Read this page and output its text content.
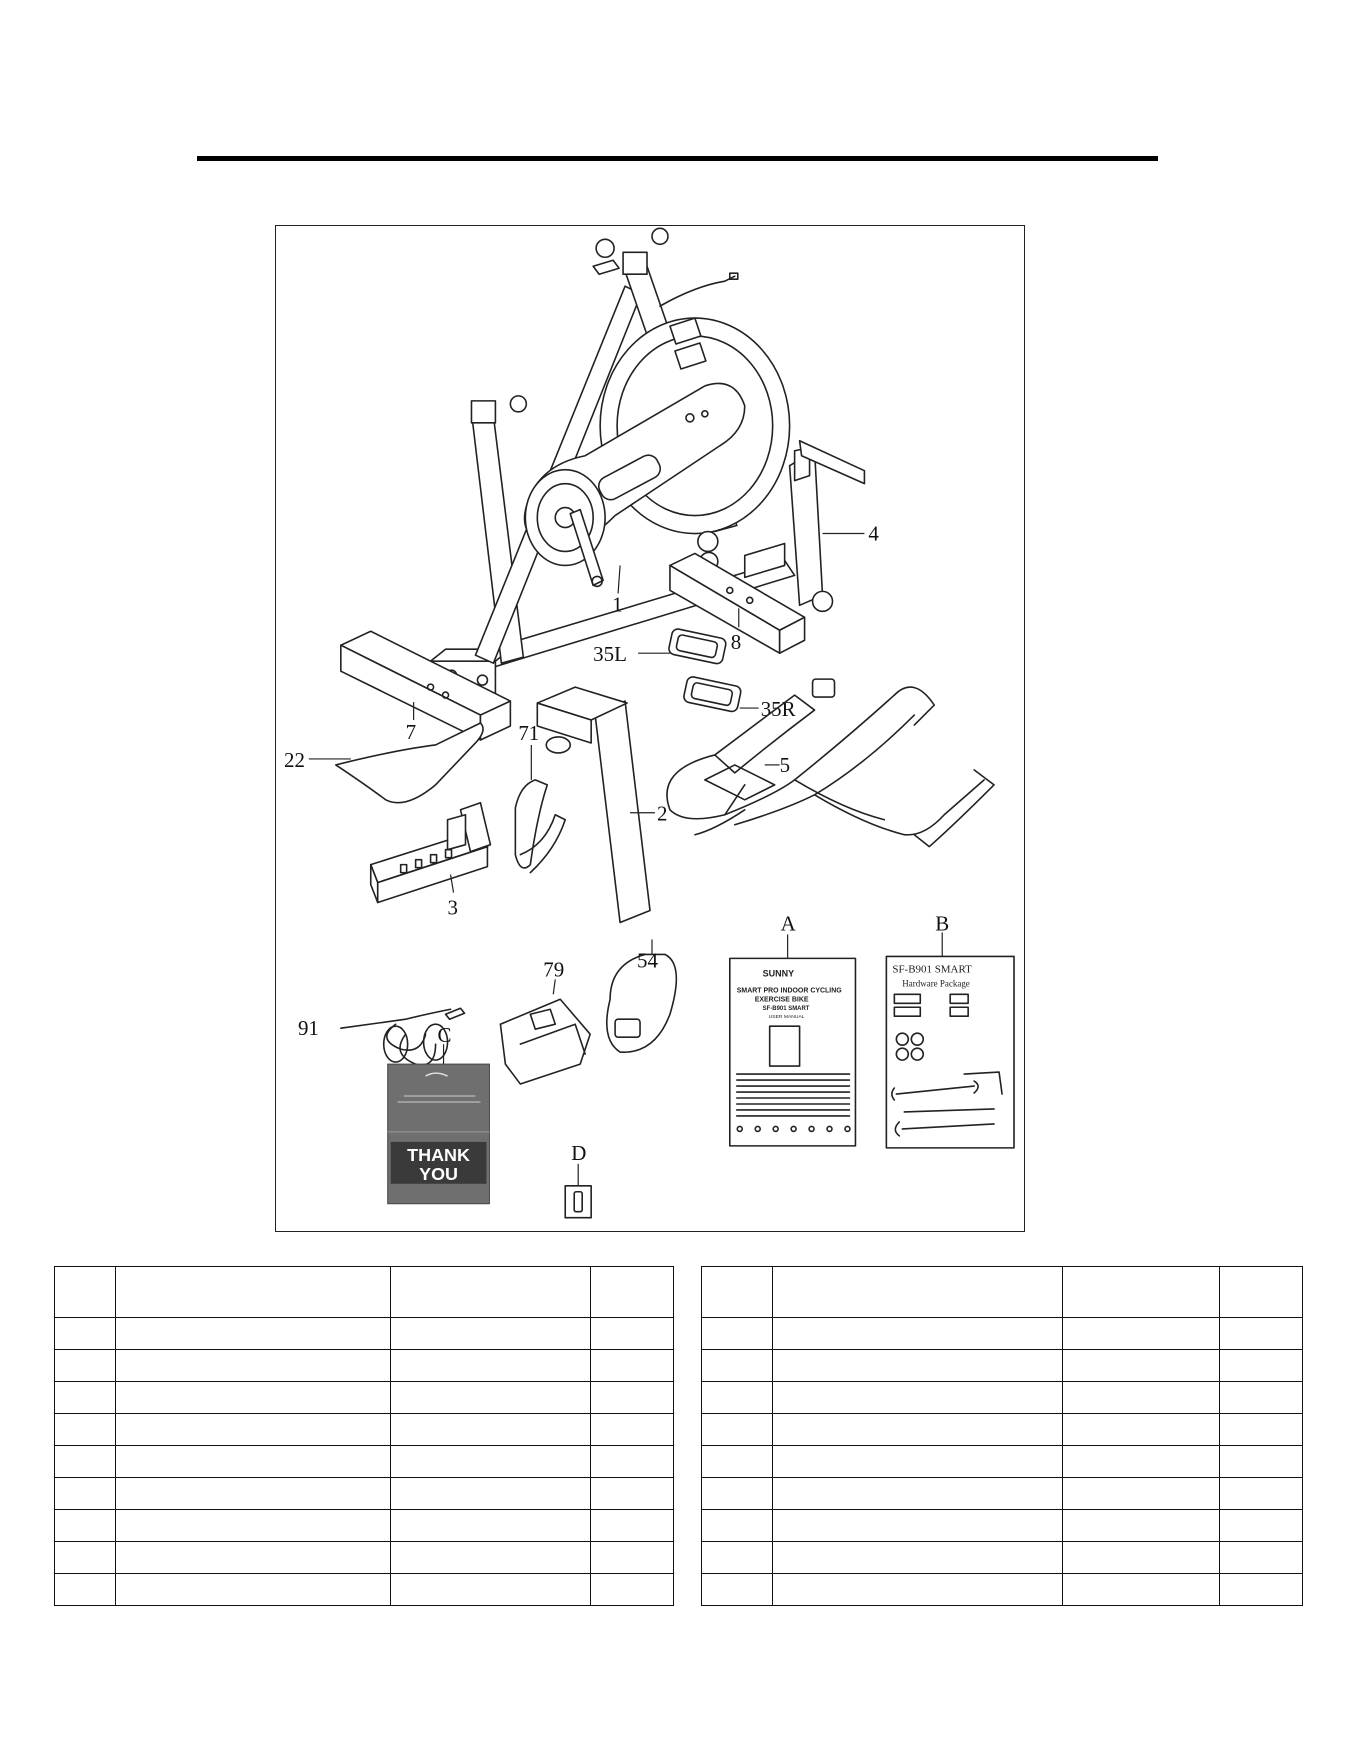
1
4
8
7
35L
35R
2
5
22
71
3
91
79	54
A
SUNNY
SMART PRO INDOOR CYCLING
EXERCISE BIKE
SF-B901 SMART
USER MANUAL
B
SF-B901 SMART
Hardware Package
C
THANK
YOU
D
